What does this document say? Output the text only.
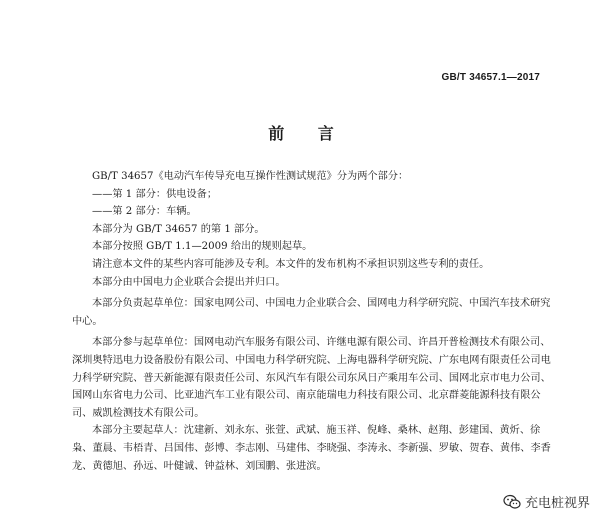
GB/T 34657.1—2017
前 言

GB/T 34657《电动汽车传导充电互操作性测试规范》分为两个部分：

——第 1 部分：供电设备；

——第 2 部分：车辆。

本部分为 GB/T 34657 的第 1 部分。

本部分按照 GB/T 1.1—2009 给出的规则起草。

请注意本文件的某些内容可能涉及专利。本文件的发布机构不承担识别这些专利的责任。

本部分由中国电力企业联合会提出并归口。

本部分负责起草单位：国家电网公司、中国电力企业联合会、国网电力科学研究院、中国汽车技术研究中心。

本部分参与起草单位：国网电动汽车服务有限公司、许继电源有限公司、许昌开普检测技术有限公司、深圳奥特迅电力设备股份有限公司、中国电力科学研究院、上海电器科学研究院、广东电网有限责任公司电力科学研究院、普天新能源有限责任公司、东风汽车有限公司东风日产乘用车公司、国网北京市电力公司、国网山东省电力公司、比亚迪汽车工业有限公司、南京能瑞电力科技有限公司、北京群菱能源科技有限公司、威凯检测技术有限公司。

本部分主要起草人：沈建新、刘永东、张萱、武斌、施玉祥、倪峰、桑林、赵翔、彭建国、黄炘、徐枭、董晨、韦梧青、吕国伟、彭博、李志刚、马建伟、李晓强、李涛永、李新强、罗敏、贺春、黄伟、李香龙、黄德旭、孙远、叶健诚、钟益林、刘国鹏、张进滨。

充电桩视界
